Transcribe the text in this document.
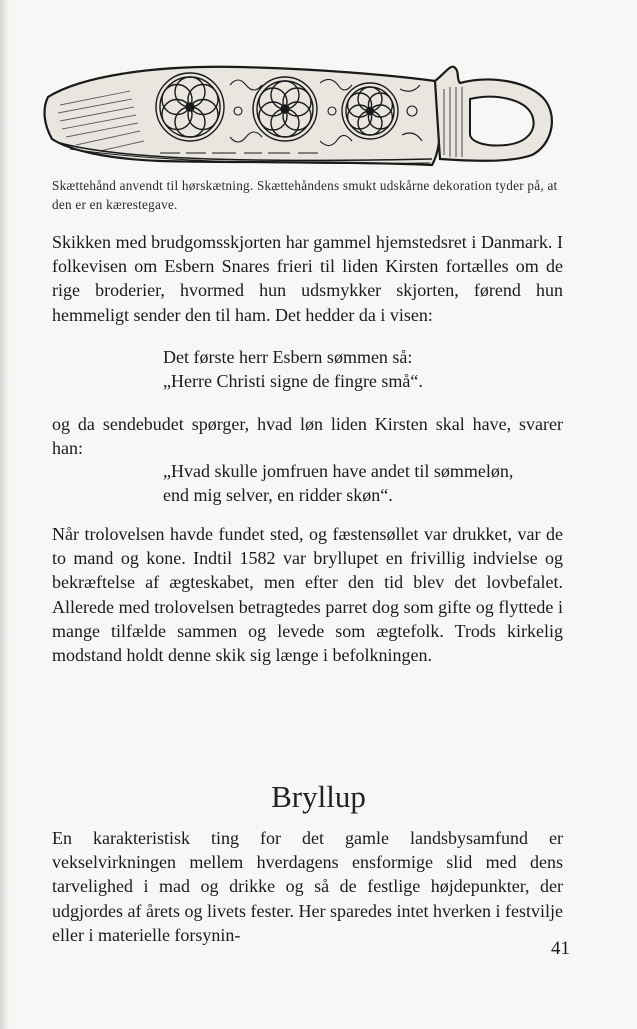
Skættehånd anvendt til hørskætning. Skættehåndens smukt udskårne dekoration tyder på, at den er en kærestegave.

Skikken med brudgomsskjorten har gammel hjemstedsret i Danmark. I folkevisen om Esbern Snares frieri til liden Kirsten fortælles om de rige broderier, hvormed hun udsmykker skjorten, førend hun hemmeligt sender den til ham. Det hedder da i visen:

Det første herr Esbern sømmen så:
„Herre Christi signe de fingre små“.

og da sendebudet spørger, hvad løn liden Kirsten skal have, svarer han:

„Hvad skulle jomfruen have andet til sømmeløn,
end mig selver, en ridder skøn“.

Når trolovelsen havde fundet sted, og fæstensøllet var drukket, var de to mand og kone. Indtil 1582 var bryllupet en frivillig indvielse og bekræftelse af ægteskabet, men efter den tid blev det lovbefalet. Allerede med trolovelsen betragtedes parret dog som gifte og flyttede i mange tilfælde sammen og levede som ægtefolk. Trods kirkelig modstand holdt denne skik sig længe i befolkningen.

Bryllup

En karakteristisk ting for det gamle landsbysamfund er vekselvirkningen mellem hverdagens ensformige slid med dens tarvelighed i mad og drikke og så de festlige højdepunkter, der udgjordes af årets og livets fester. Her sparedes intet hverken i festvilje eller i materielle forsynin-

41
